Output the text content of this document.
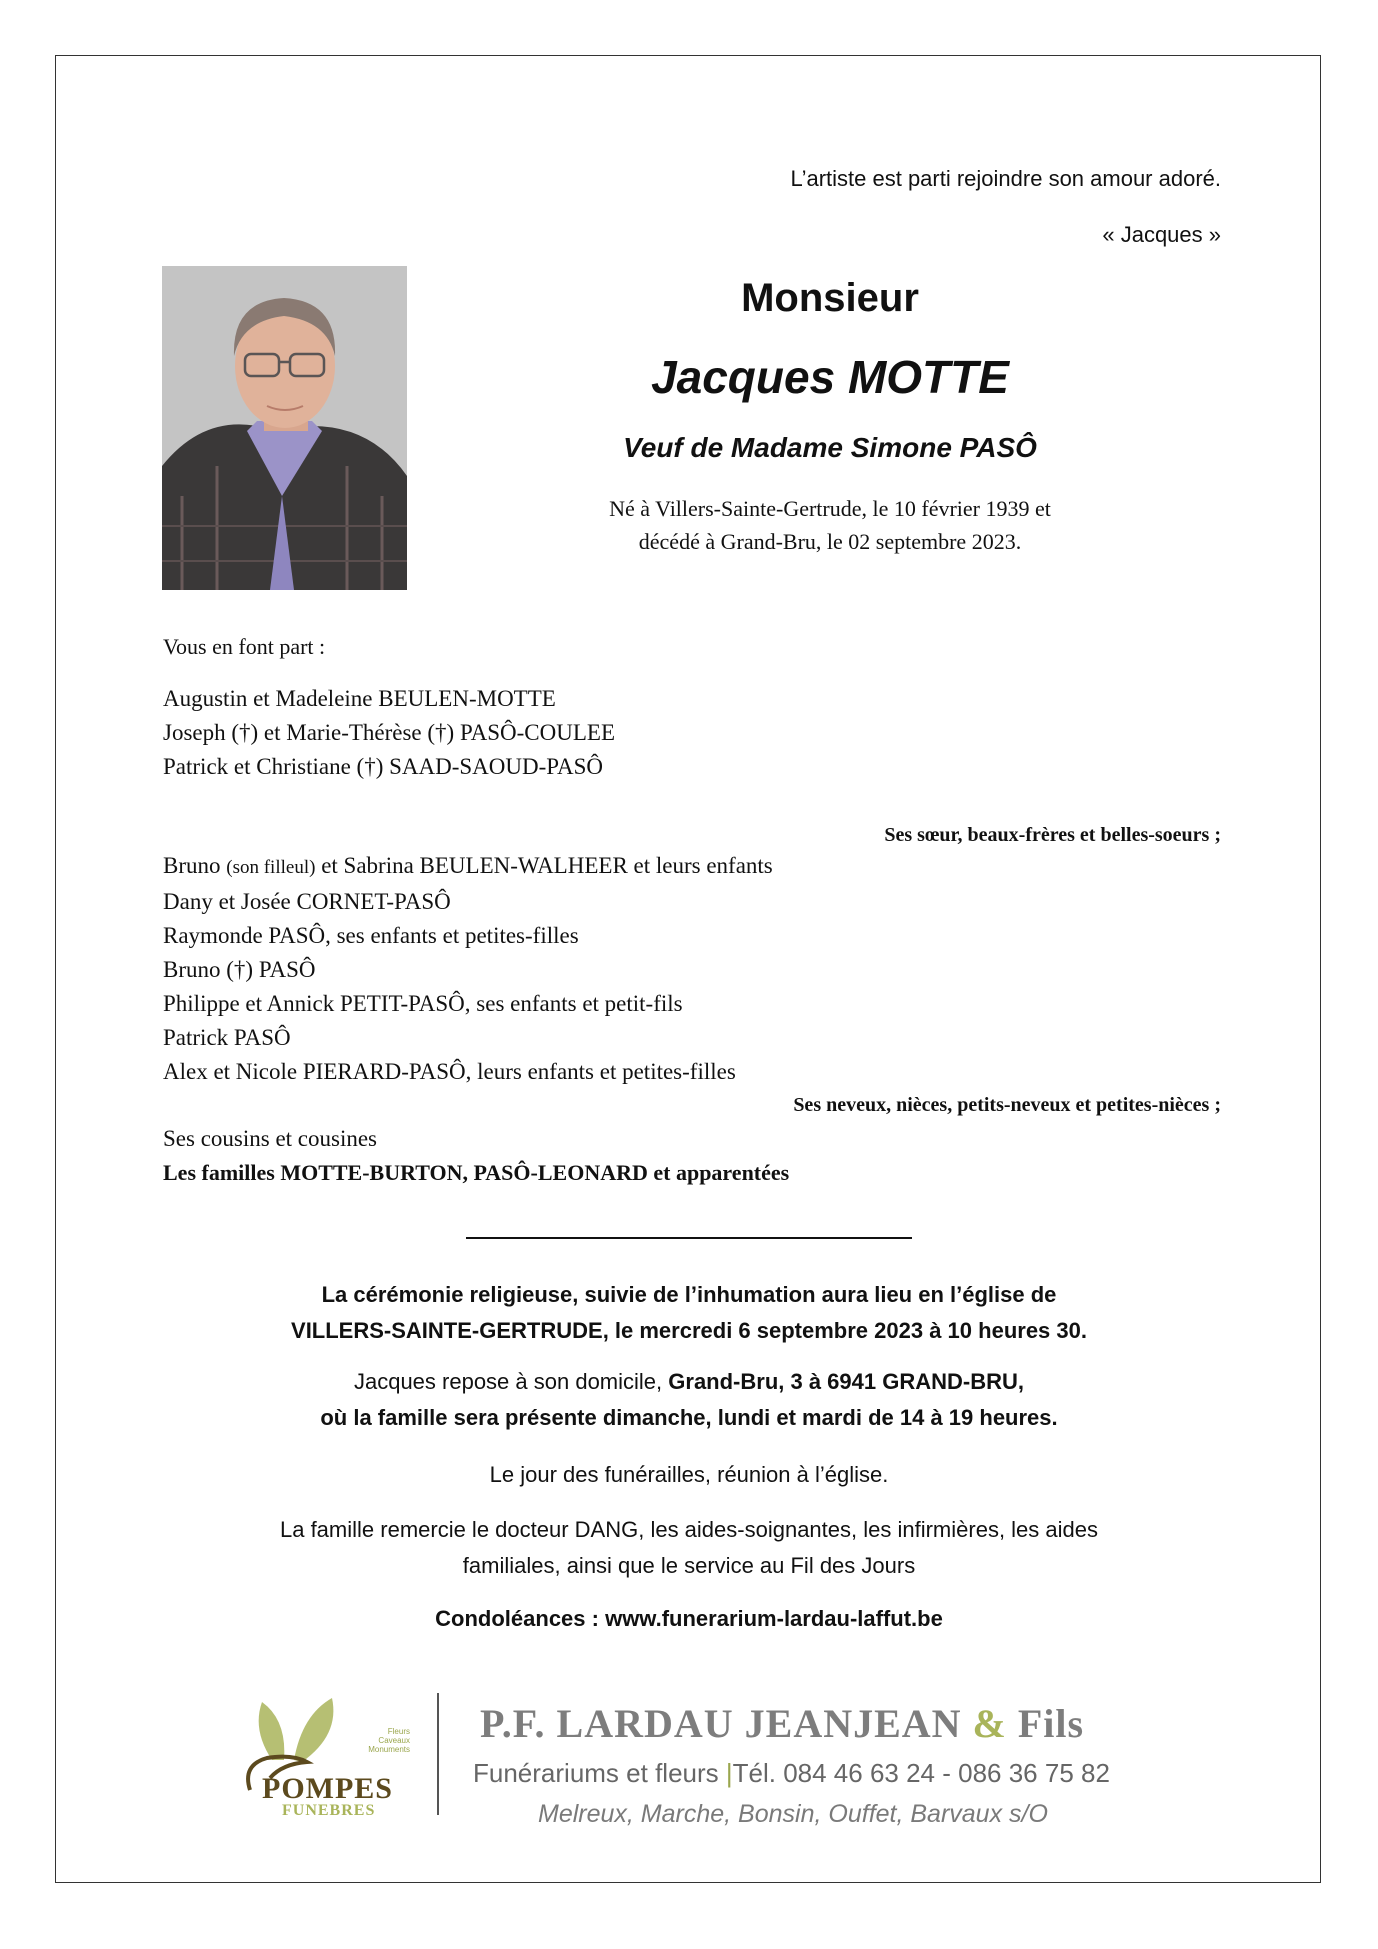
L’artiste est parti rejoindre son amour adoré.
« Jacques »
Monsieur
Jacques MOTTE
Veuf de Madame Simone PASÔ
Né à Villers-Sainte-Gertrude, le 10 février 1939 et
décédé à Grand-Bru, le 02 septembre 2023.
Vous en font part :
Augustin et Madeleine BEULEN-MOTTE
Joseph (†) et Marie-Thérèse (†) PASÔ-COULEE
Patrick et Christiane (†) SAAD-SAOUD-PASÔ
Ses sœur, beaux-frères et belles-soeurs ;
Bruno (son filleul) et Sabrina BEULEN-WALHEER et leurs enfants
Dany et Josée CORNET-PASÔ
Raymonde PASÔ, ses enfants et petites-filles
Bruno (†) PASÔ
Philippe et Annick PETIT-PASÔ, ses enfants et petit-fils
Patrick PASÔ
Alex et Nicole PIERARD-PASÔ, leurs enfants et petites-filles
Ses neveux, nièces, petits-neveux et petites-nièces ;
Ses cousins et cousines
Les familles MOTTE-BURTON, PASÔ-LEONARD et apparentées
La cérémonie religieuse, suivie de l’inhumation aura lieu en l’église de
VILLERS-SAINTE-GERTRUDE, le mercredi 6 septembre 2023 à 10 heures 30.
Jacques repose à son domicile, Grand-Bru, 3 à 6941 GRAND-BRU,
où la famille sera présente dimanche, lundi et mardi de 14 à 19 heures.
Le jour des funérailles, réunion à l’église.
La famille remercie le docteur DANG, les aides-soignantes, les infirmières, les aides
familiales, ainsi que le service au Fil des Jours
Condoléances : www.funerarium-lardau-laffut.be
Fleurs
Caveaux
Monuments
POMPES
FUNEBRES
P.F. LARDAU JEANJEAN & Fils
Funérariums et fleurs |Tél. 084 46 63 24 - 086 36 75 82
Melreux, Marche, Bonsin, Ouffet, Barvaux s/O
